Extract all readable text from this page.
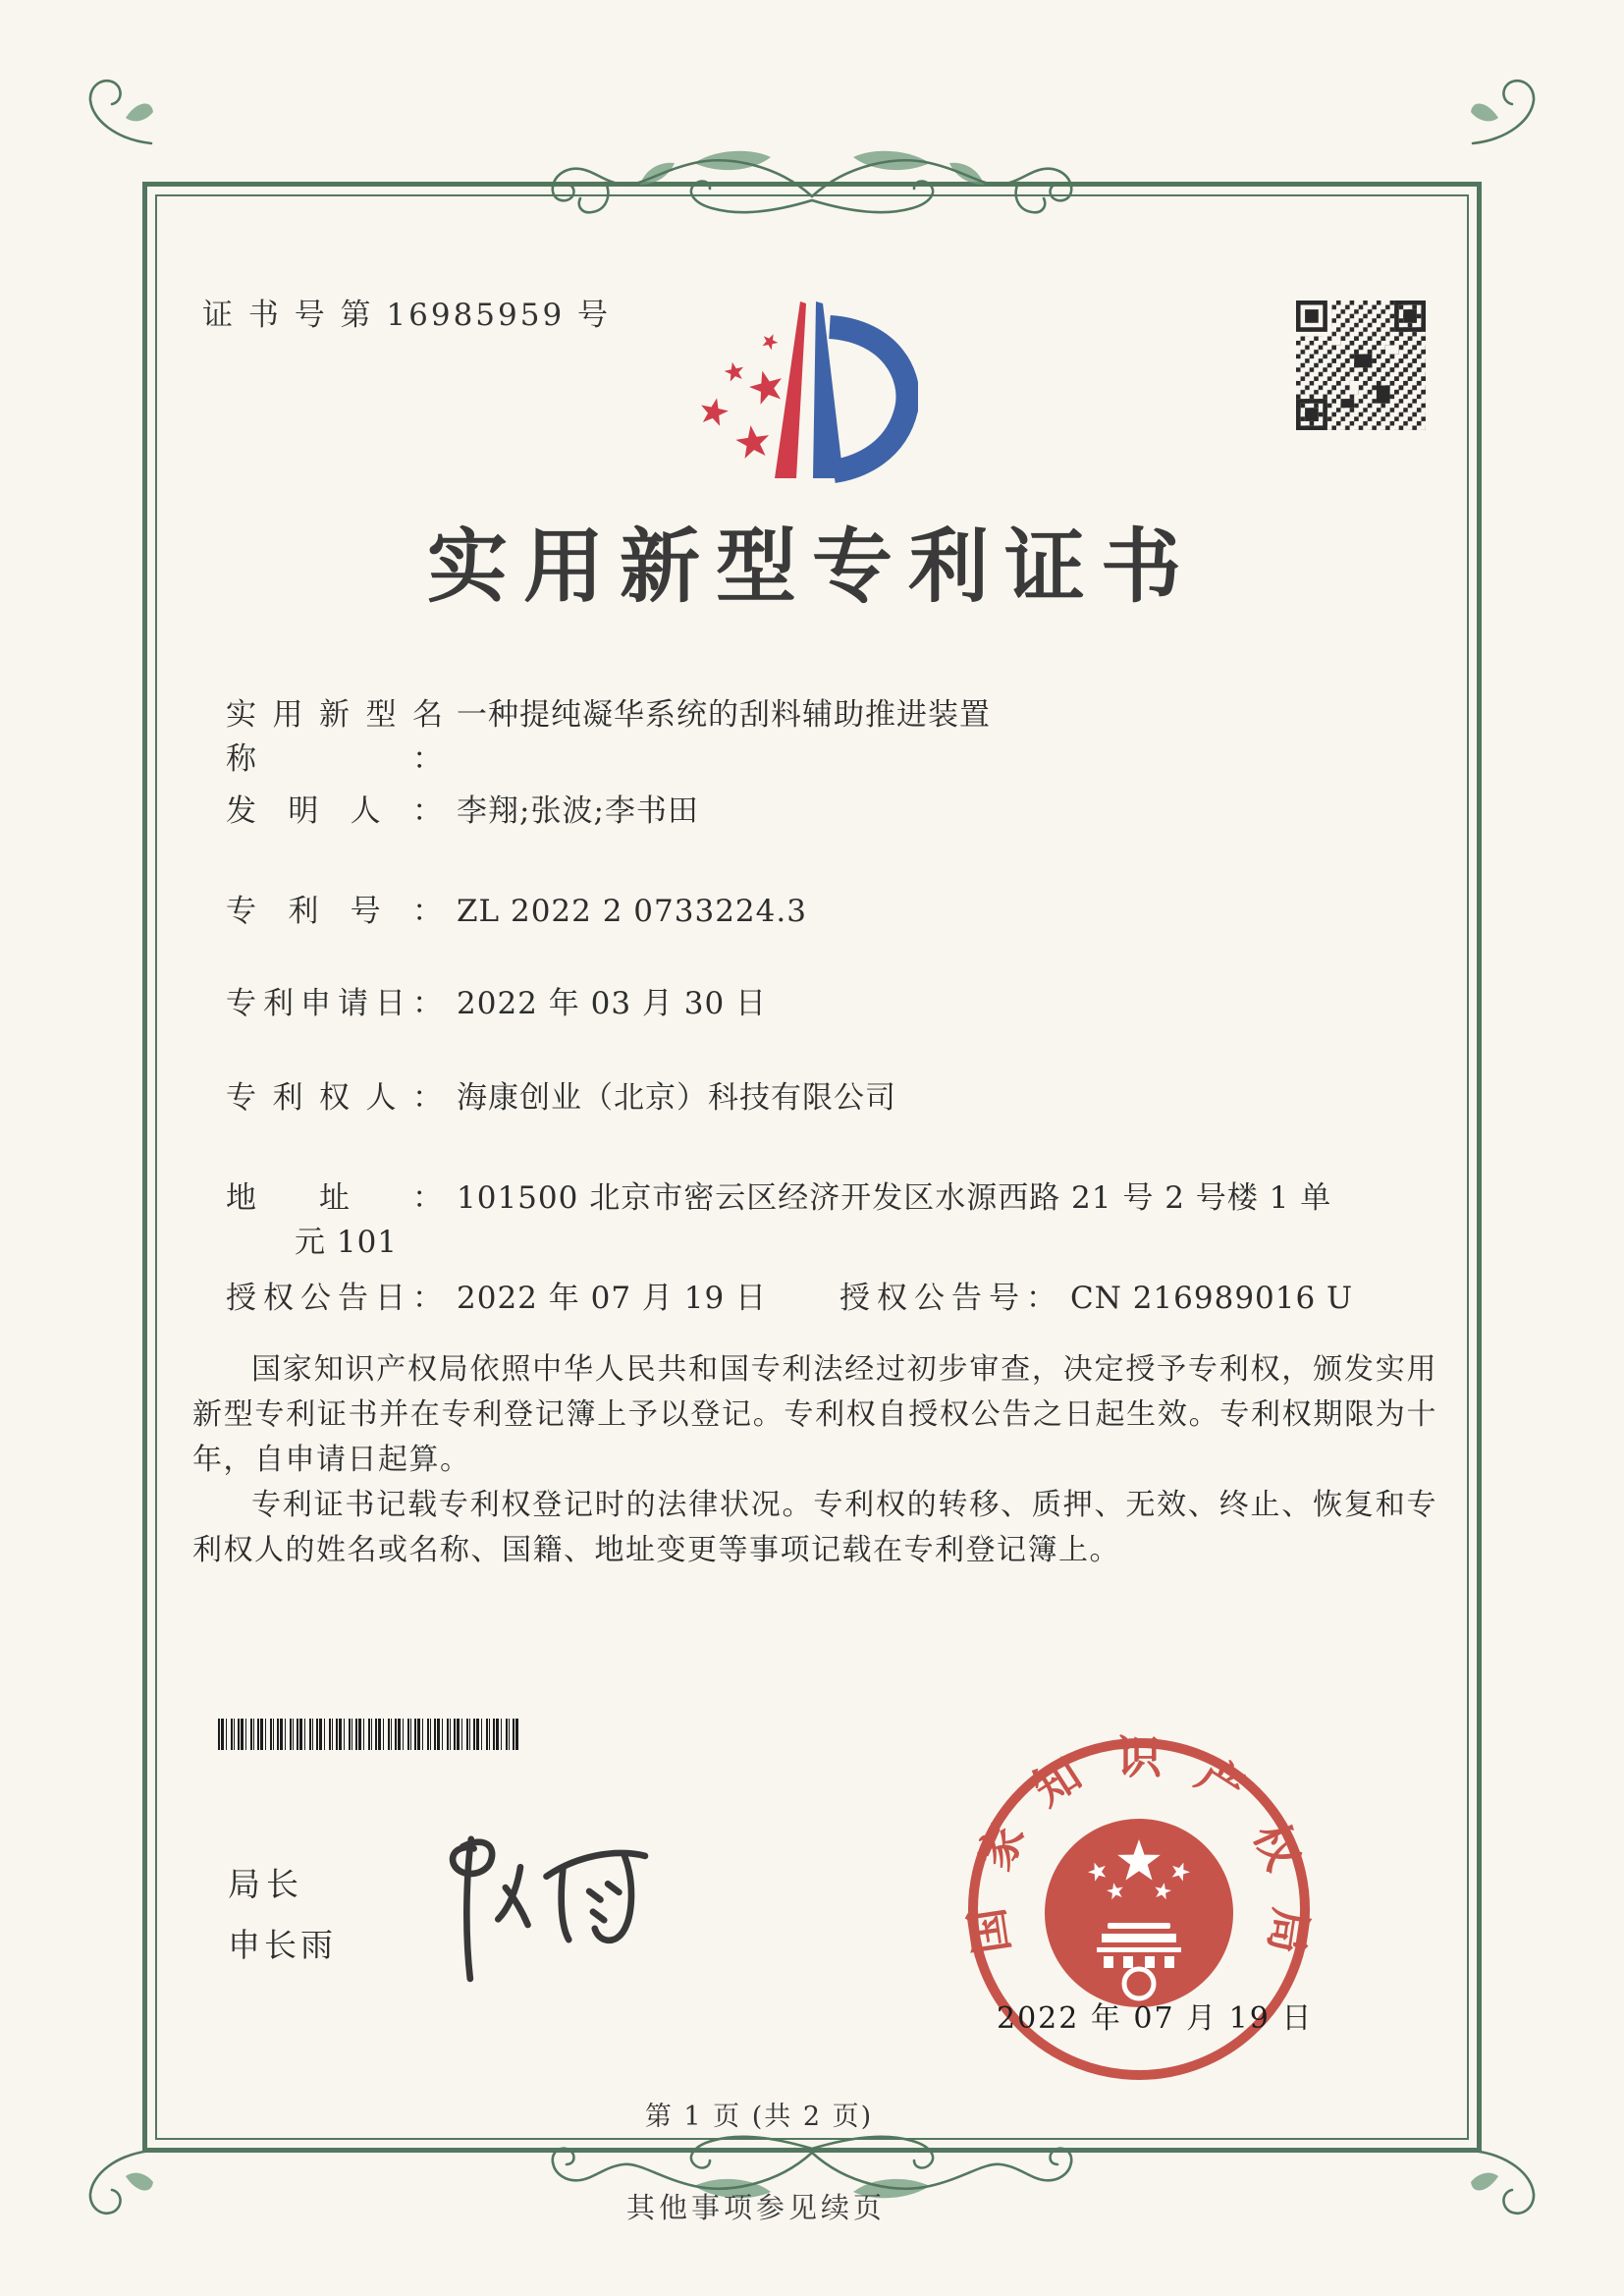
证 书 号 第 16985959 号
实用新型专利证书
实用新型名称：一种提纯凝华系统的刮料辅助推进装置
发明人： 李翔;张波;李书田
专利号： ZL 2022 2 0733224.3
专利申请日： 2022 年 03 月 30 日
专利权人： 海康创业（北京）科技有限公司
地址： 101500 北京市密云区经济开发区水源西路 21 号 2 号楼 1 单元 101
授权公告日： 2022 年 07 月 19 日 授权公告号： CN 216989016 U

国家知识产权局依照中华人民共和国专利法经过初步审查，决定授予专利权，颁发实用新型专利证书并在专利登记簿上予以登记。专利权自授权公告之日起生效。专利权期限为十年，自申请日起算。

专利证书记载专利权登记时的法律状况。专利权的转移、质押、无效、终止、恢复和专利权人的姓名或名称、国籍、地址变更等事项记载在专利登记簿上。

局长
申长雨	国家知识产权局
2022 年 07 月 19 日
第 1 页 (共 2 页)
其他事项参见续页
